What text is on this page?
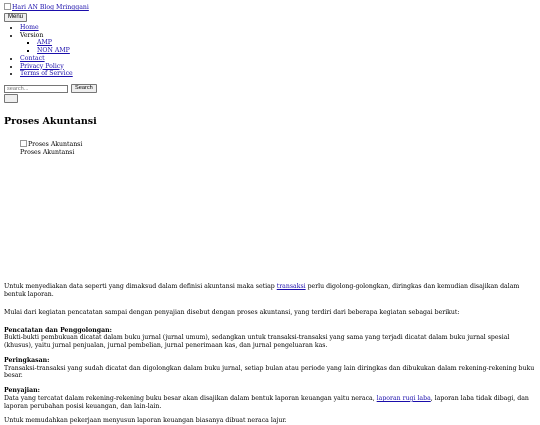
Hari AN Blog Mringgani
Menu
• Home
• Version
▪ AMP
▪ NON AMP
• Contact
• Privacy Policy
• Terms of Service
search...
Search
Proses Akuntansi
Proses Akuntansi
Proses Akuntansi

Untuk menyediakan data seperti yang dimaksud dalam definisi akuntansi maka setiap transaksi perlu digolong-golongkan, diringkas dan kemudian disajikan dalam bentuk laporan.

Mulai dari kegiatan pencatatan sampai dengan penyajian disebut dengan proses akuntansi, yang terdiri dari beberapa kegiatan sebagai berikut:

Pencatatan dan Penggolongan:
Bukti-bukti pembukuan dicatat dalam buku jurnal (jurnal umum), sedangkan untuk transaksi-transaksi yang sama yang terjadi dicatat dalam buku jurnal spesial (khusus), yaitu jurnal penjualan, jurnal pembelian, jurnal penerimaan kas, dan jurnal pengeluaran kas.
Peringkasan:
Transaksi-transaksi yang sudah dicatat dan digolongkan dalam buku jurnal, setiap bulan atau periode yang lain diringkas dan dibukukan dalam rekening-rekening buku besar.
Penyajian:
Data yang tercatat dalam rekening-rekening buku besar akan disajikan dalam bentuk laporan keuangan yaitu neraca, laporan rugi laba, laporan laba tidak dibagi, dan laporan perubahan posisi keuangan, dan lain-lain.

Untuk memudahkan pekerjaan menyusun laporan keuangan biasanya dibuat neraca lajur.
